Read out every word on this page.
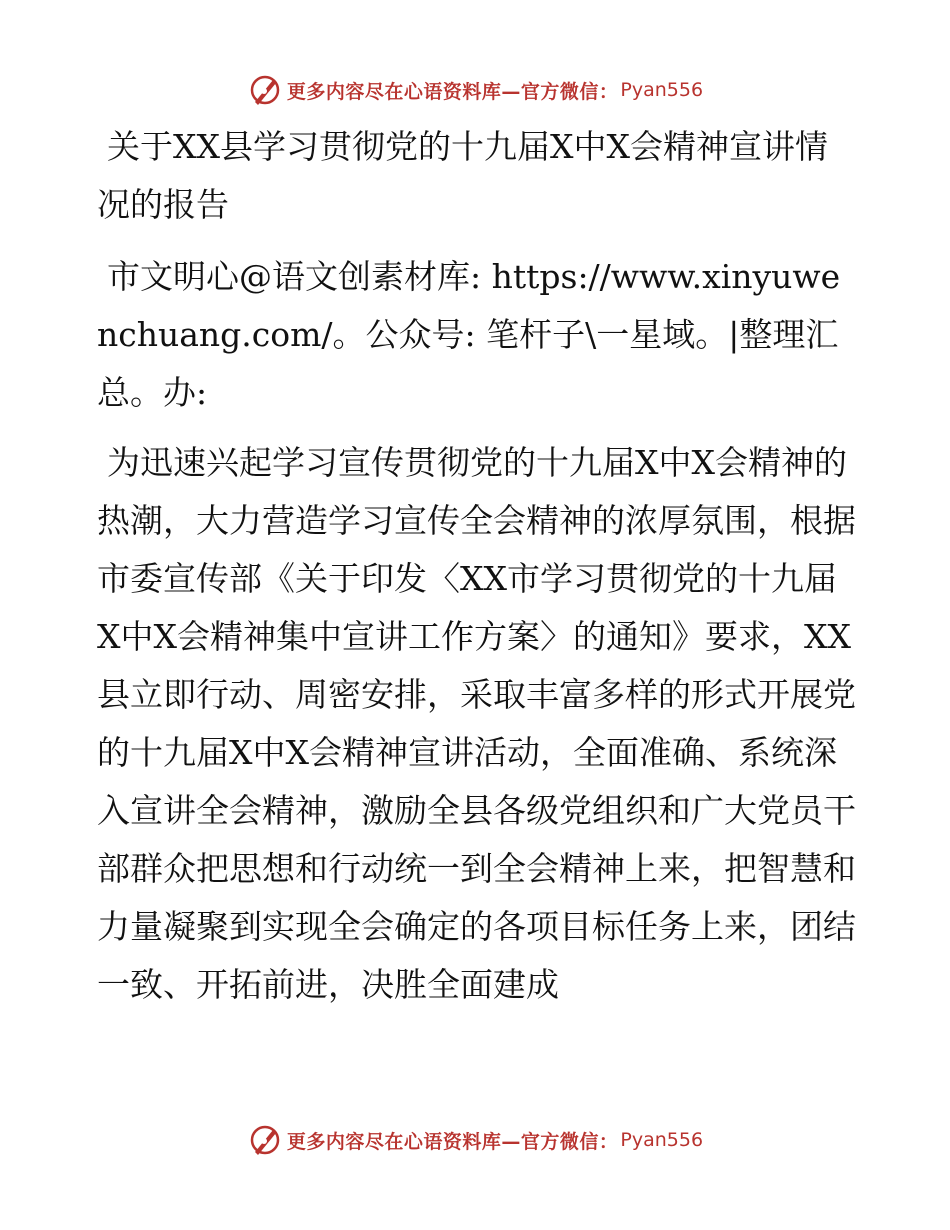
更多内容尽在心语资料库—官方微信： Pyan556

关于XX县学习贯彻党的十九届X中X会精神宣讲情况的报告

市文明心@语文创素材库: https://www.xinyuwenchuang.com/。公众号: 笔杆子\一星域。|整理汇总。办:

为迅速兴起学习宣传贯彻党的十九届X中X会精神的热潮，大力营造学习宣传全会精神的浓厚氛围，根据市委宣传部《关于印发〈XX市学习贯彻党的十九届X中X会精神集中宣讲工作方案〉的通知》要求，XX县立即行动、周密安排，采取丰富多样的形式开展党的十九届X中X会精神宣讲活动，全面准确、系统深入宣讲全会精神，激励全县各级党组织和广大党员干部群众把思想和行动统一到全会精神上来，把智慧和力量凝聚到实现全会确定的各项目标任务上来，团结一致、开拓前进，决胜全面建成

更多内容尽在心语资料库—官方微信： Pyan556
